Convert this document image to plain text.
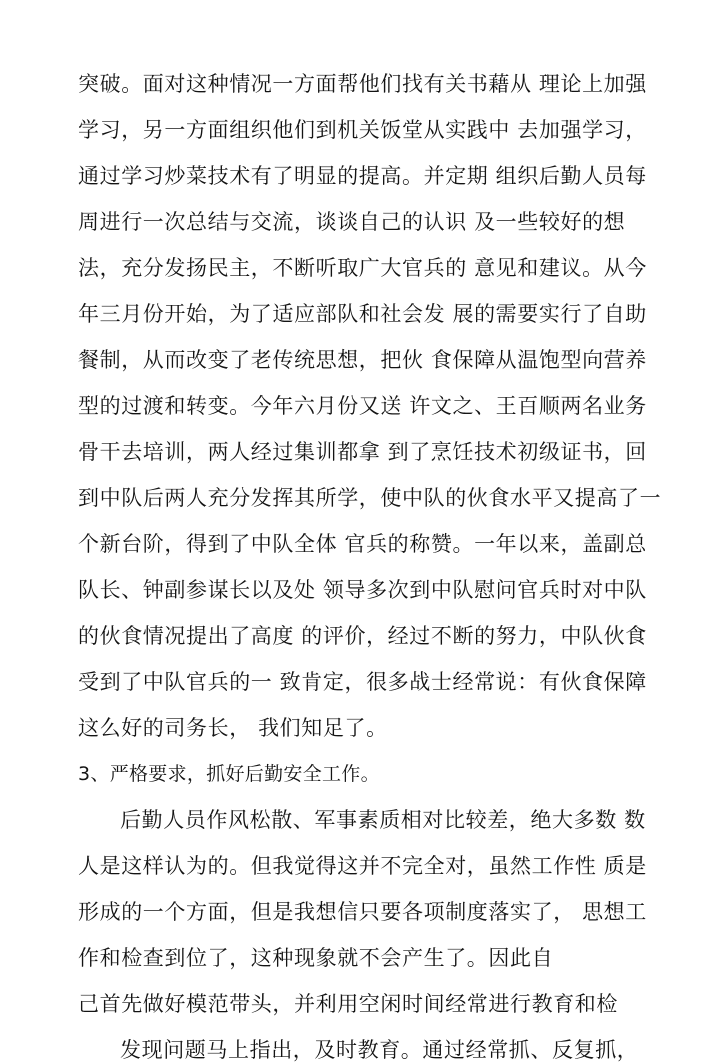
突破。面对这种情况一方面帮他们找有关书藉从 理论上加强
学习，另一方面组织他们到机关饭堂从实践中 去加强学习，
通过学习炒菜技术有了明显的提高。并定期 组织后勤人员每
周进行一次总结与交流，谈谈自己的认识 及一些较好的想
法，充分发扬民主，不断听取广大官兵的 意见和建议。从今
年三月份开始，为了适应部队和社会发 展的需要实行了自助
餐制，从而改变了老传统思想，把伙 食保障从温饱型向营养
型的过渡和转变。今年六月份又送 许文之、王百顺两名业务
骨干去培训，两人经过集训都拿 到了烹饪技术初级证书，回
到中队后两人充分发挥其所学，使中队的伙食水平又提高了一
个新台阶，得到了中队全体 官兵的称赞。一年以来，盖副总
队长、钟副参谋长以及处 领导多次到中队慰问官兵时对中队
的伙食情况提出了高度 的评价，经过不断的努力，中队伙食
受到了中队官兵的一 致肯定，很多战士经常说：有伙食保障
这么好的司务长， 我们知足了。
3、严格要求，抓好后勤安全工作。
后勤人员作风松散、军事素质相对比较差，绝大多数 数
人是这样认为的。但我觉得这并不完全对，虽然工作性 质是
形成的一个方面，但是我想信只要各项制度落实了， 思想工
作和检查到位了，这种现象就不会产生了。因此自
己首先做好模范带头，并利用空闲时间经常进行教育和检
发现问题马上指出，及时教育。通过经常抓、反复抓，
